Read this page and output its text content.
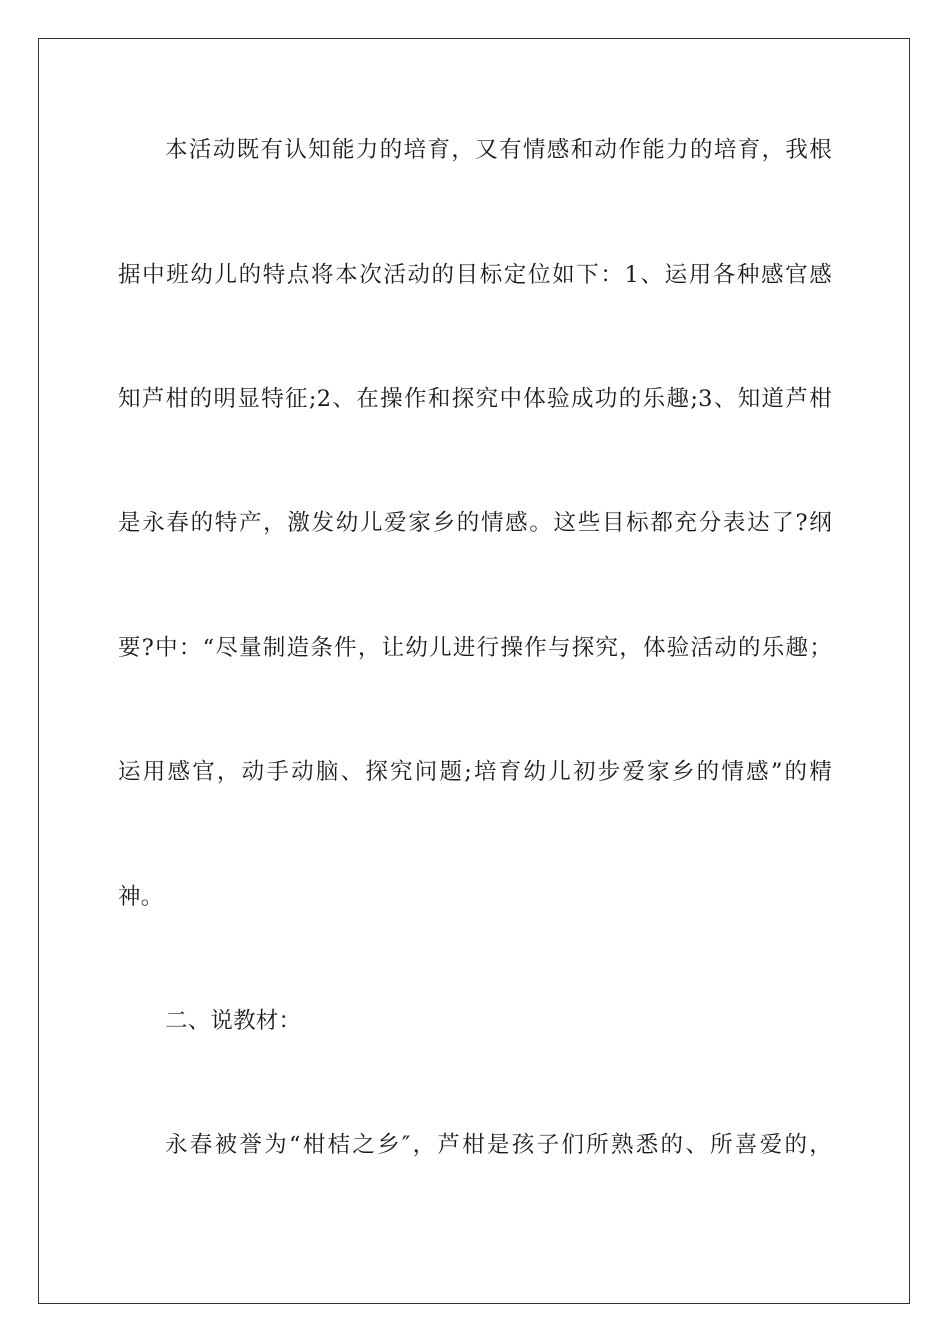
本活动既有认知能力的培育，又有情感和动作能力的培育，我根
据中班幼儿的特点将本次活动的目标定位如下：1、运用各种感官感
知芦柑的明显特征;2、在操作和探究中体验成功的乐趣;3、知道芦柑
是永春的特产，激发幼儿爱家乡的情感。这些目标都充分表达了?纲
要?中：“尽量制造条件，让幼儿进行操作与探究，体验活动的乐趣；
运用感官，动手动脑、探究问题;培育幼儿初步爱家乡的情感”的精
神。
二、说教材：
永春被誉为“柑桔之乡″，芦柑是孩子们所熟悉的、所喜爱的，
